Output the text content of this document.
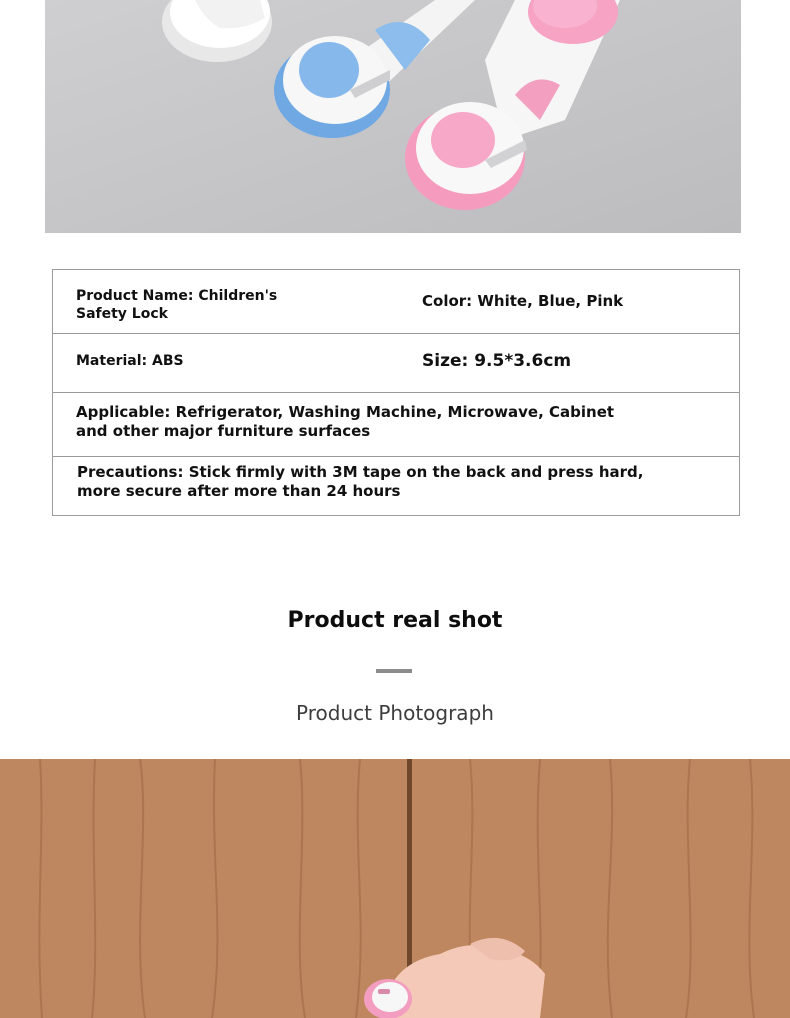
Product Name: Children's Safety Lock
Color: White, Blue, Pink
Material: ABS	Size: 9.5*3.6cm
Applicable: Refrigerator, Washing Machine, Microwave, Cabinet and other major furniture surfaces
Precautions: Stick firmly with 3M tape on the back and press hard, more secure after more than 24 hours
Product real shot
Product Photograph
